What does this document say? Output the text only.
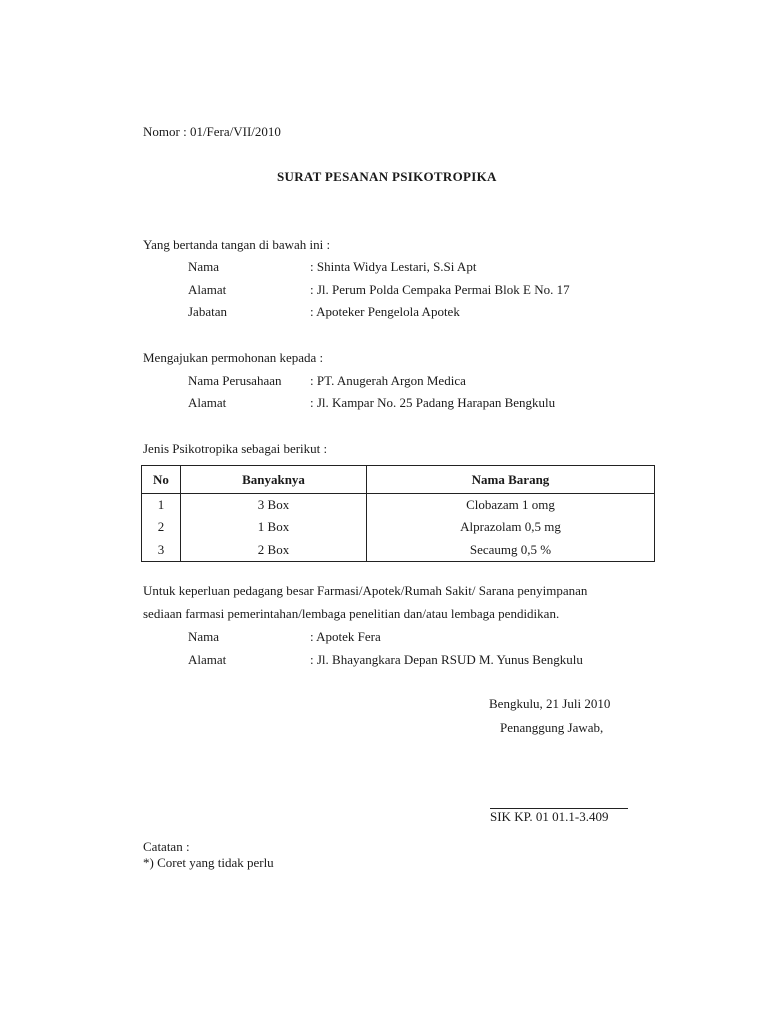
Nomor : 01/Fera/VII/2010
SURAT PESANAN PSIKOTROPIKA
Yang bertanda tangan di bawah ini :
Nama	: Shinta Widya Lestari, S.Si Apt
Alamat	: Jl. Perum Polda Cempaka Permai Blok E No. 17
Jabatan	: Apoteker Pengelola Apotek
Mengajukan permohonan kepada :
Nama Perusahaan : PT. Anugerah Argon Medica
Alamat	: Jl. Kampar No. 25 Padang Harapan Bengkulu
Jenis Psikotropika sebagai berikut :
No	Banyaknya	Nama Barang
1	3 Box	Clobazam 1 omg
2	1 Box	Alprazolam 0,5 mg
3	2 Box	Secaumg 0,5 %
Untuk keperluan pedagang besar Farmasi/Apotek/Rumah Sakit/ Sarana penyimpanan
sediaan farmasi pemerintahan/lembaga penelitian dan/atau lembaga pendidikan.
Nama	: Apotek Fera
Alamat	: Jl. Bhayangkara Depan RSUD M. Yunus Bengkulu
Bengkulu, 21 Juli 2010
Penanggung Jawab,
SIK KP. 01 01.1-3.409
Catatan :
*) Coret yang tidak perlu
